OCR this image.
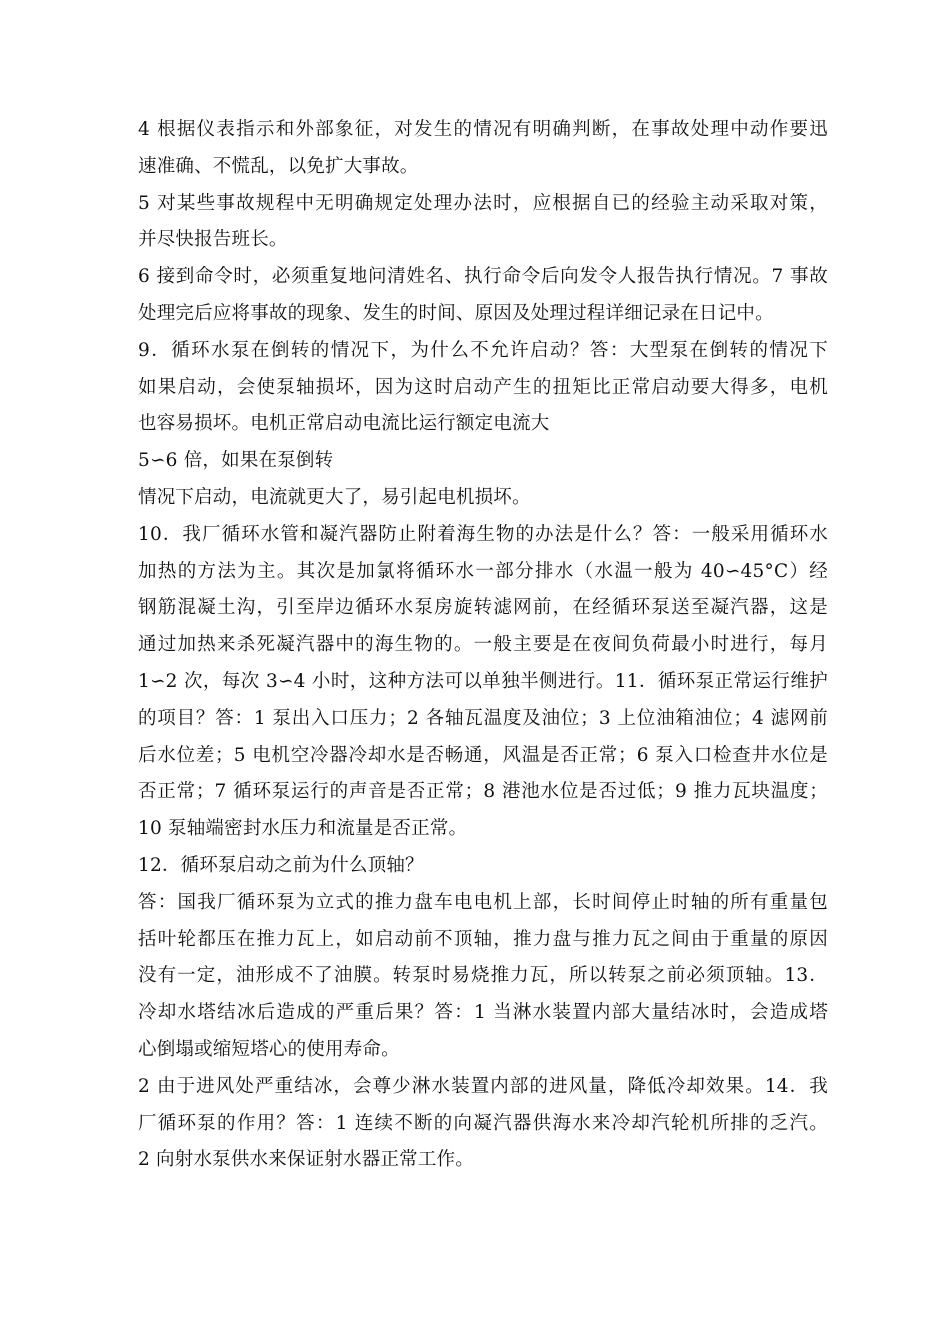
4 根据仪表指示和外部象征，对发生的情况有明确判断，在事故处理中动作要迅
速准确、不慌乱，以免扩大事故。
5 对某些事故规程中无明确规定处理办法时，应根据自已的经验主动采取对策，
并尽快报告班长。
6 接到命令时，必须重复地问清姓名、执行命令后向发令人报告执行情况。7 事故
处理完后应将事故的现象、发生的时间、原因及处理过程详细记录在日记中。
9．循环水泵在倒转的情况下，为什么不允许启动？答：大型泵在倒转的情况下
如果启动，会使泵轴损坏，因为这时启动产生的扭矩比正常启动要大得多，电机
也容易损坏。电机正常启动电流比运行额定电流大
5∽6 倍，如果在泵倒转
情况下启动，电流就更大了，易引起电机损坏。
10．我厂循环水管和凝汽器防止附着海生物的办法是什么？答：一般采用循环水
加热的方法为主。其次是加氯将循环水一部分排水（水温一般为 40∽45°C）经
钢筋混凝土沟，引至岸边循环水泵房旋转滤网前，在经循环泵送至凝汽器，这是
通过加热来杀死凝汽器中的海生物的。一般主要是在夜间负荷最小时进行，每月
1∽2 次，每次 3∽4 小时，这种方法可以单独半侧进行。11．循环泵正常运行维护
的项目？答：1 泵出入口压力；2 各轴瓦温度及油位；3 上位油箱油位；4 滤网前
后水位差；5 电机空冷器冷却水是否畅通，风温是否正常；6 泵入口检查井水位是
否正常；7 循环泵运行的声音是否正常；8 港池水位是否过低；9 推力瓦块温度；
10 泵轴端密封水压力和流量是否正常。
12．循环泵启动之前为什么顶轴？
答：国我厂循环泵为立式的推力盘车电电机上部，长时间停止时轴的所有重量包
括叶轮都压在推力瓦上，如启动前不顶轴，推力盘与推力瓦之间由于重量的原因
没有一定，油形成不了油膜。转泵时易烧推力瓦，所以转泵之前必须顶轴。13．
冷却水塔结冰后造成的严重后果？答：1 当淋水装置内部大量结冰时，会造成塔
心倒塌或缩短塔心的使用寿命。
2 由于进风处严重结冰，会尊少淋水装置内部的进风量，降低冷却效果。14．我
厂循环泵的作用？答：1 连续不断的向凝汽器供海水来冷却汽轮机所排的乏汽。
2 向射水泵供水来保证射水器正常工作。
